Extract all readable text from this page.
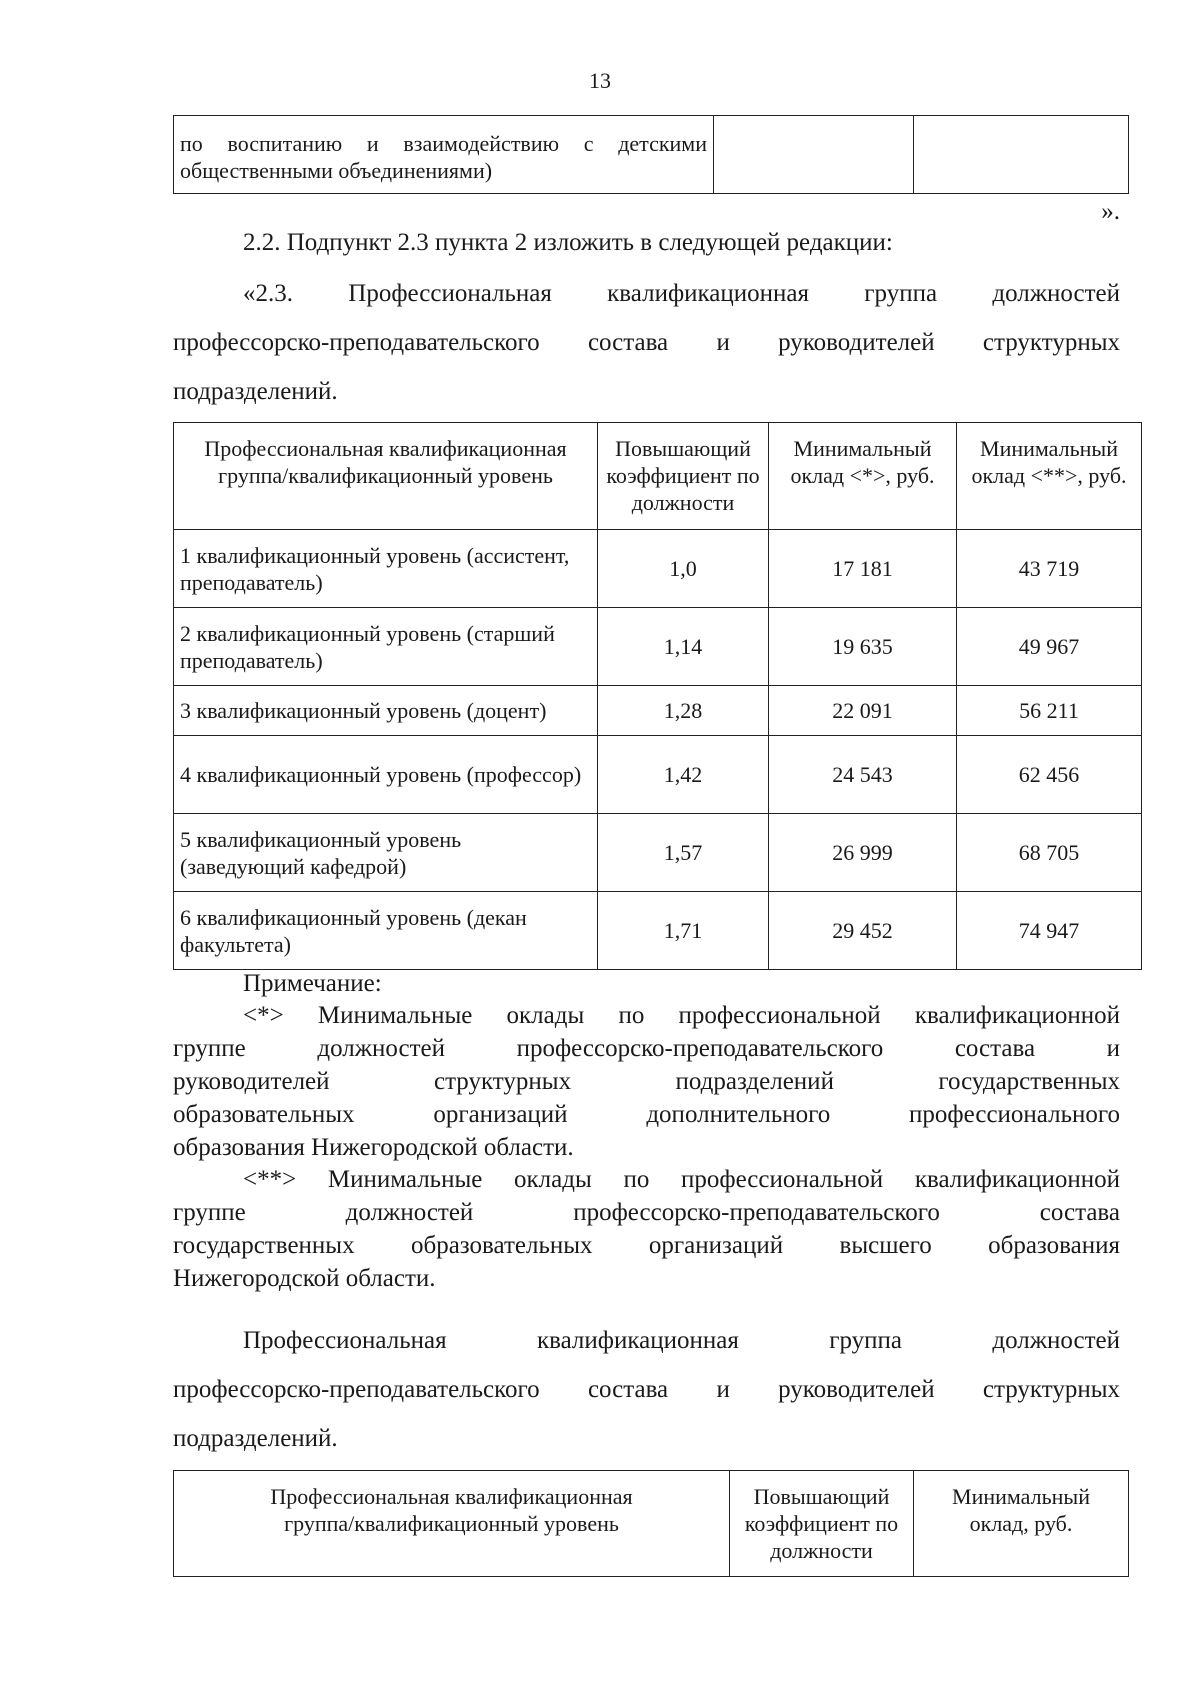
13
по воспитанию и взаимодействию с детскими
общественными объединениями)

».
2.2. Подпункт 2.3 пункта 2 изложить в следующей редакции:
«2.3. Профессиональная квалификационная группа должностей
профессорско-преподавательского состава и руководителей структурных
подразделений.
Профессиональная квалификационная группа/квалификационный уровень	Повышающий коэффициент по должности	Минимальный оклад <*>, руб.	Минимальный оклад <**>, руб.
1 квалификационный уровень (ассистент, преподаватель)	1,0	17 181	43 719
2 квалификационный уровень (старший преподаватель)	1,14	19 635	49 967
3 квалификационный уровень (доцент)	1,28	22 091	56 211
4 квалификационный уровень (профессор)	1,42	24 543	62 456
5 квалификационный уровень (заведующий кафедрой)	1,57	26 999	68 705
6 квалификационный уровень (декан факультета)	1,71	29 452	74 947
Примечание:
<*> Минимальные оклады по профессиональной квалификационной
группе должностей профессорско-преподавательского состава и
руководителей структурных подразделений государственных
образовательных организаций дополнительного профессионального
образования Нижегородской области.
<**> Минимальные оклады по профессиональной квалификационной
группе должностей профессорско-преподавательского состава
государственных образовательных организаций высшего образования
Нижегородской области.
Профессиональная квалификационная группа должностей
профессорско-преподавательского состава и руководителей структурных
подразделений.
Профессиональная квалификационная группа/квалификационный уровень	Повышающий коэффициент по должности	Минимальный оклад, руб.
